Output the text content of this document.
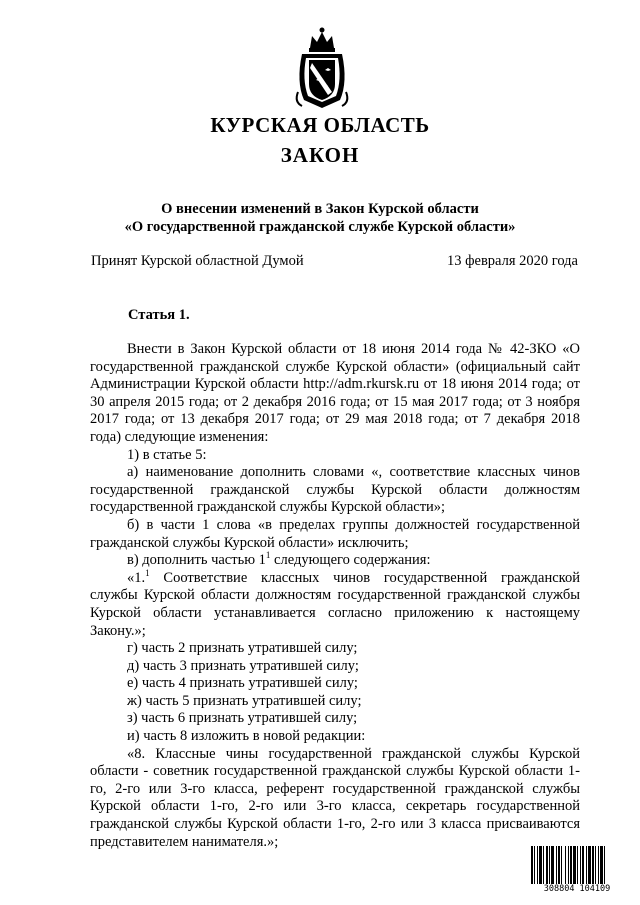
КУРСКАЯ ОБЛАСТЬ
ЗАКОН
О внесении изменений в Закон Курской области
«О государственной гражданской службе Курской области»
Принят Курской областной Думой	13 февраля 2020 года
Статья 1.

Внести в Закон Курской области от 18 июня 2014 года № 42-ЗКО «О государственной гражданской службе Курской области» (официальный сайт Администрации Курской области http://adm.rkursk.ru от 18 июня 2014 года; от 30 апреля 2015 года; от 2 декабря 2016 года; от 15 мая 2017 года; от 3 ноября 2017 года; от 13 декабря 2017 года; от 29 мая 2018 года; от 7 декабря 2018 года) следующие изменения:

1) в статье 5:

а) наименование дополнить словами «, соответствие классных чинов государственной гражданской службы Курской области должностям государственной гражданской службы Курской области»;

б) в части 1 слова «в пределах группы должностей государственной гражданской службы Курской области» исключить;

в) дополнить частью $1^1$ следующего содержания:

«1.$^1$ Соответствие классных чинов государственной гражданской службы Курской области должностям государственной гражданской службы Курской области устанавливается согласно приложению к настоящему Закону.»;

г) часть 2 признать утратившей силу;

д) часть 3 признать утратившей силу;

е) часть 4 признать утратившей силу;

ж) часть 5 признать утратившей силу;

з) часть 6 признать утратившей силу;

и) часть 8 изложить в новой редакции:

«8. Классные чины государственной гражданской службы Курской области - советник государственной гражданской службы Курской области 1-го, 2-го или 3-го класса, референт государственной гражданской службы Курской области 1-го, 2-го или 3-го класса, секретарь государственной гражданской службы Курской области 1-го, 2-го или 3 класса присваиваются представителем нанимателя.»;

308804 104109
